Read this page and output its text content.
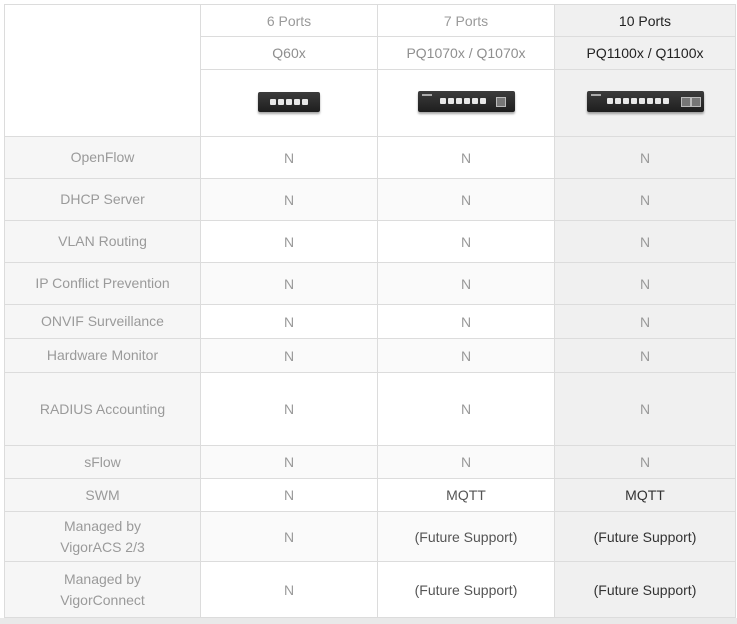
	6 Ports	7 Ports	10 Ports
	Q60x	PQ1070x / Q1070x	PQ1100x / Q1100x

OpenFlow	N	N	N
DHCP Server	N	N	N
VLAN Routing	N	N	N
IP Conflict Prevention	N	N	N
ONVIF Surveillance	N	N	N
Hardware Monitor	N	N	N
RADIUS Accounting	N	N	N
sFlow	N	N	N
SWM	N	MQTT	MQTT
Managed by
VigorACS 2/3	N	(Future Support)	(Future Support)
Managed by
VigorConnect	N	(Future Support)	(Future Support)
